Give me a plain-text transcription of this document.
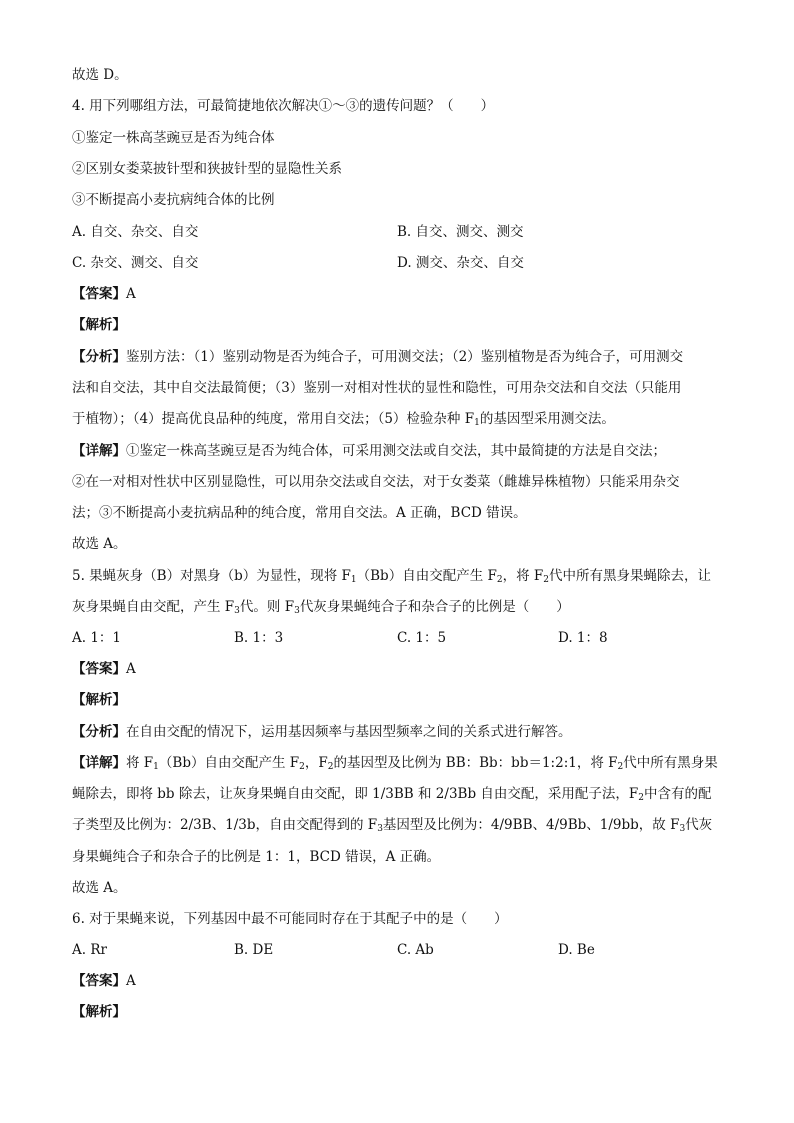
故选 D。
4. 用下列哪组方法，可最简捷地依次解决①～③的遗传问题？（　　）
①鉴定一株高茎豌豆是否为纯合体
②区别女娄菜披针型和狭披针型的显隐性关系
③不断提高小麦抗病纯合体的比例
A. 自交、杂交、自交	B. 自交、测交、测交
C. 杂交、测交、自交	D. 测交、杂交、自交
【答案】A
【解析】
【分析】鉴别方法：（1）鉴别动物是否为纯合子，可用测交法；（2）鉴别植物是否为纯合子，可用测交
法和自交法，其中自交法最简便；（3）鉴别一对相对性状的显性和隐性，可用杂交法和自交法（只能用
于植物）；（4）提高优良品种的纯度，常用自交法；（5）检验杂种 $F_1$的基因型采用测交法。
【详解】①鉴定一株高茎豌豆是否为纯合体，可采用测交法或自交法，其中最简捷的方法是自交法；
②在一对相对性状中区别显隐性，可以用杂交法或自交法，对于女娄菜（雌雄异株植物）只能采用杂交
法；③不断提高小麦抗病品种的纯合度，常用自交法。A 正确，BCD 错误。
故选 A。
5. 果蝇灰身（B）对黑身（b）为显性，现将 $F_1(Bb)$自由交配产生 $F_2$，将 $F_2$代中所有黑身果蝇除去，让
灰身果蝇自由交配，产生 $F_3$代。则 $F_3$代灰身果蝇纯合子和杂合子的比例是（　　）
A. 1：1	B. 1：3	C. 1：5	D. 1：8
【答案】A
【解析】
【分析】在自由交配的情况下，运用基因频率与基因型频率之间的关系式进行解答。
【详解】将 $F_1(Bb)$自由交配产生 $F_2$，$F_2$的基因型及比例为 BB：Bb：bb＝1:2:1，将 $F_2$代中所有黑身果
蝇除去，即将 bb 除去，让灰身果蝇自由交配，即 1/3BB 和 2/3Bb 自由交配，采用配子法，$F_2$中含有的配
子类型及比例为：2/3B、1/3b，自由交配得到的 $F_3$基因型及比例为：4/9BB、4/9Bb、1/9bb，故 $F_3$代灰
身果蝇纯合子和杂合子的比例是 1：1，BCD 错误，A 正确。
故选 A。
6. 对于果蝇来说，下列基因中最不可能同时存在于其配子中的是（　　）
A. Rr	B. DE	C. Ab	D. Be
【答案】A
【解析】
